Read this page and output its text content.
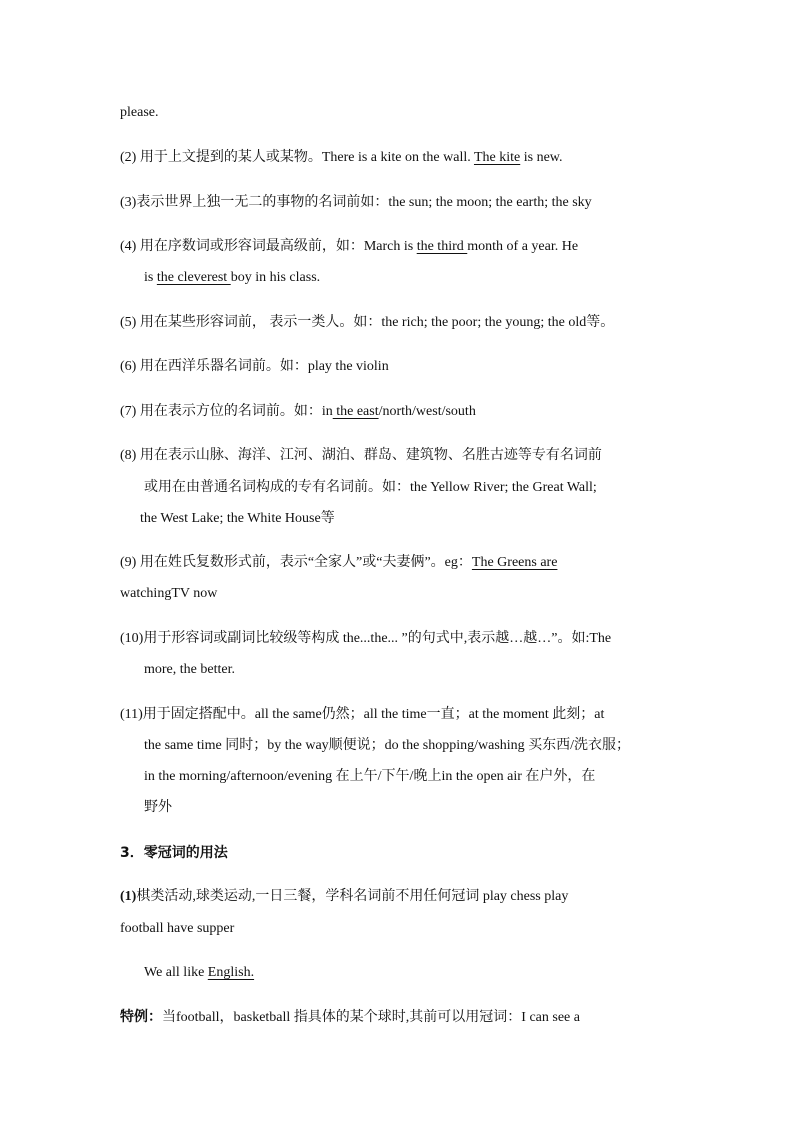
please.
(2) 用于上文提到的某人或某物。There is a kite on the wall. The kite is new.
(3)表示世界上独一无二的事物的名词前如：the sun; the moon; the earth; the sky
(4) 用在序数词或形容词最高级前，如：March is the third month of a year. He
is the cleverest boy in his class.
(5) 用在某些形容词前， 表示一类人。如：the rich; the poor; the young; the old等。
(6) 用在西洋乐器名词前。如：play the violin
(7) 用在表示方位的名词前。如：in the east/north/west/south
(8) 用在表示山脉、海洋、江河、湖泊、群岛、建筑物、名胜古迹等专有名词前
或用在由普通名词构成的专有名词前。如：the Yellow River; the Great Wall;
the West Lake; the White House等
(9) 用在姓氏复数形式前，表示“全家人”或“夫妻俩”。eg：The Greens are
watchingTV now
(10)用于形容词或副词比较级等构成 the...the... ”的句式中,表示越…越…”。如:The
more, the better.
(11)用于固定搭配中。all the same仍然；all the time一直；at the moment 此刻；at
the same time 同时；by the way顺便说；do the shopping/washing 买东西/洗衣服；
in the morning/afternoon/evening 在上午/下午/晚上in the open air 在户外，在
野外
3．零冠词的用法
(1)棋类活动,球类运动,一日三餐，学科名词前不用任何冠词 play chess play
football have supper
We all like English.
特例：当football，basketball 指具体的某个球时,其前可以用冠词：I can see a
